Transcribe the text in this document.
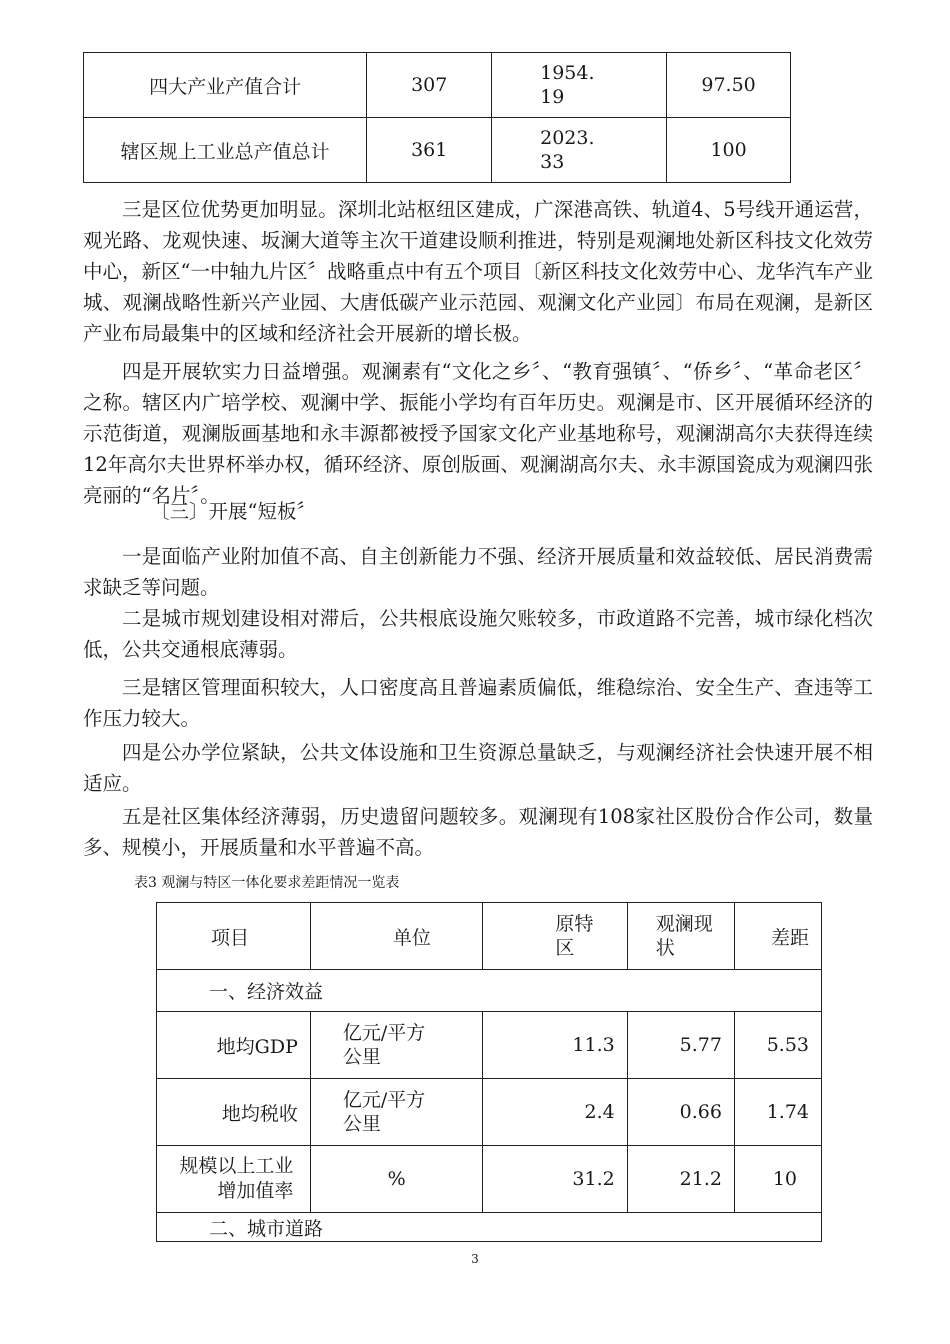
四大产业产值合计	307	1954.19	97.50
辖区规上工业总产值总计	361	2023.33	100

三是区位优势更加明显。深圳北站枢纽区建成，广深港高铁、轨道4、5号线开通运营，观光路、龙观快速、坂澜大道等主次干道建设顺利推进，特别是观澜地处新区科技文化效劳中心，新区“一中轴九片区〞战略重点中有五个项目〔新区科技文化效劳中心、龙华汽车产业城、观澜战略性新兴产业园、大唐低碳产业示范园、观澜文化产业园〕布局在观澜，是新区产业布局最集中的区域和经济社会开展新的增长极。

四是开展软实力日益增强。观澜素有“文化之乡〞、“教育强镇〞、“侨乡〞、“革命老区〞之称。辖区内广培学校、观澜中学、振能小学均有百年历史。观澜是市、区开展循环经济的示范街道，观澜版画基地和永丰源都被授予国家文化产业基地称号，观澜湖高尔夫获得连续12年高尔夫世界杯举办权，循环经济、原创版画、观澜湖高尔夫、永丰源国瓷成为观澜四张亮丽的“名片〞。

〔三〕开展“短板〞

一是面临产业附加值不高、自主创新能力不强、经济开展质量和效益较低、居民消费需求缺乏等问题。

二是城市规划建设相对滞后，公共根底设施欠账较多，市政道路不完善，城市绿化档次低，公共交通根底薄弱。

三是辖区管理面积较大，人口密度高且普遍素质偏低，维稳综治、安全生产、查违等工作压力较大。

四是公办学位紧缺，公共文体设施和卫生资源总量缺乏，与观澜经济社会快速开展不相适应。

五是社区集体经济薄弱，历史遗留问题较多。观澜现有108家社区股份合作公司，数量多、规模小，开展质量和水平普遍不高。

表3 观澜与特区一体化要求差距情况一览表

项目	单位	原特区	观澜现状	差距
一、经济效益				
地均GDP	亿元/平方公里	11.3	5.77	5.53
地均税收	亿元/平方公里	2.4	0.66	1.74
规模以上工业增加值率	%	31.2	21.2	10
二、城市道路				
3
